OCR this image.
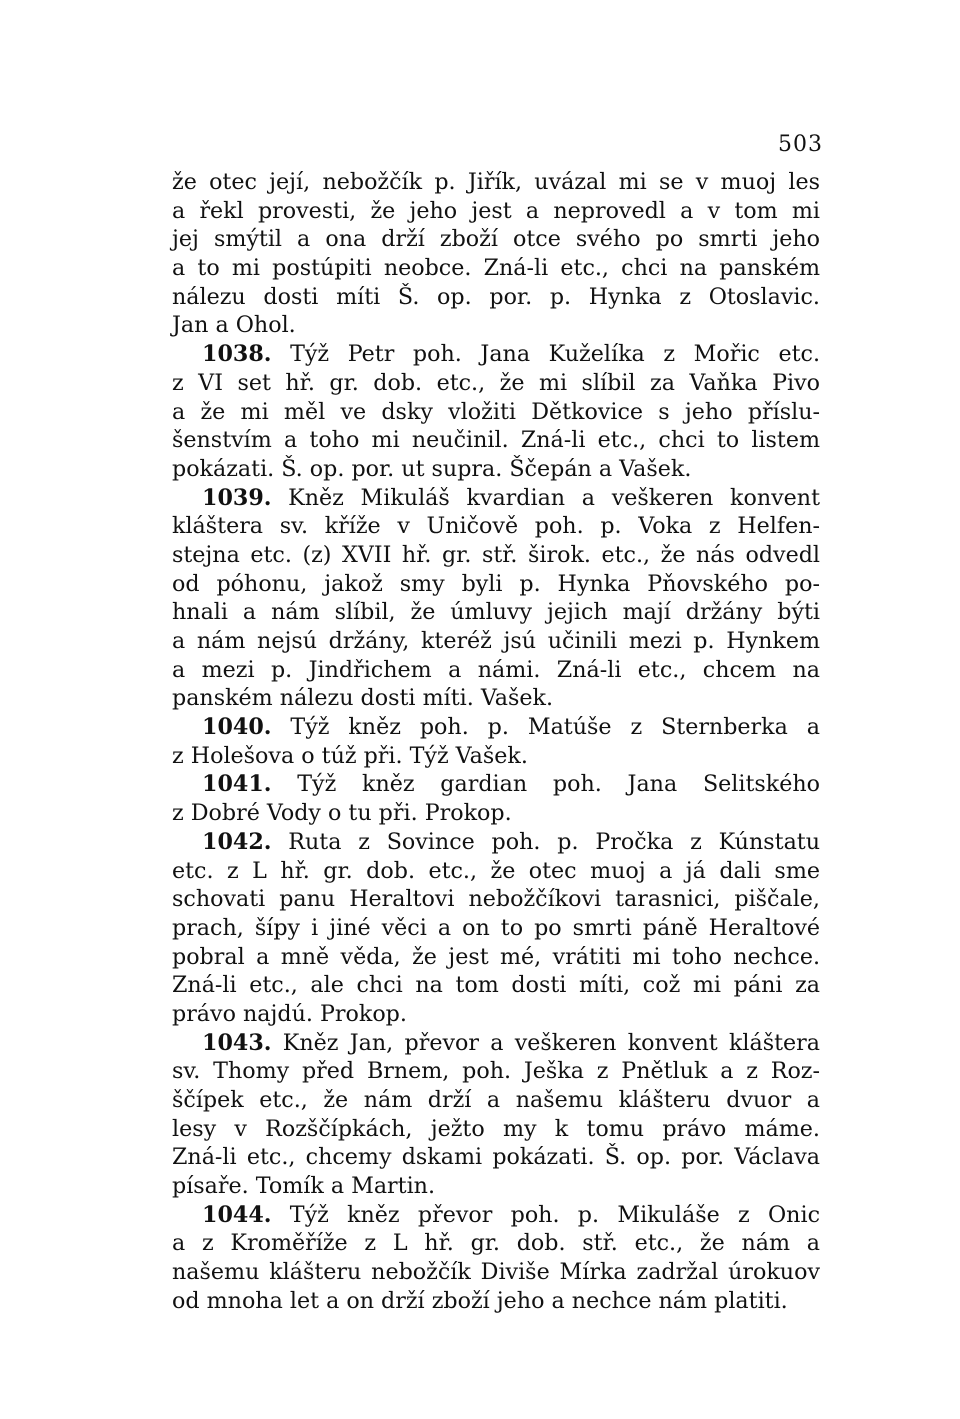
503
že otec její, nebožčík p. Jiřík, uvázal mi se v muoj les
a řekl provesti, že jeho jest a neprovedl a v tom mi
jej smýtil a ona drží zboží otce svého po smrti jeho
a to mi postúpiti neobce. Zná-li etc., chci na panském
nálezu dosti míti Š. op. por. p. Hynka z Otoslavic.
Jan a Ohol.
1038. Týž Petr poh. Jana Kuželíka z Mořic etc.
z VI set hř. gr. dob. etc., že mi slíbil za Vaňka Pivo
a že mi měl ve dsky vložiti Dětkovice s jeho příslu-
šenstvím a toho mi neučinil. Zná-li etc., chci to listem
pokázati. Š. op. por. ut supra. Ščepán a Vašek.
1039. Kněz Mikuláš kvardian a veškeren konvent
kláštera sv. kříže v Uničově poh. p. Voka z Helfen-
stejna etc. (z) XVII hř. gr. stř. širok. etc., že nás odvedl
od póhonu, jakož smy byli p. Hynka Pňovského po-
hnali a nám slíbil, že úmluvy jejich mají držány býti
a nám nejsú držány, kteréž jsú učinili mezi p. Hynkem
a mezi p. Jindřichem a námi. Zná-li etc., chcem na
panském nálezu dosti míti. Vašek.
1040. Týž kněz poh. p. Matúše z Sternberka a
z Holešova o túž při. Týž Vašek.
1041. Týž kněz gardian poh. Jana Selitského
z Dobré Vody o tu při. Prokop.
1042. Ruta z Sovince poh. p. Pročka z Kúnstatu
etc. z L hř. gr. dob. etc., že otec muoj a já dali sme
schovati panu Heraltovi nebožčíkovi tarasnici, piščale,
prach, šípy i jiné věci a on to po smrti páně Heraltové
pobral a mně věda, že jest mé, vrátiti mi toho nechce.
Zná-li etc., ale chci na tom dosti míti, což mi páni za
právo najdú. Prokop.
1043. Kněz Jan, převor a veškeren konvent kláštera
sv. Thomy před Brnem, poh. Ješka z Pnětluk a z Roz-
ščípek etc., že nám drží a našemu klášteru dvuor a
lesy v Rozščípkách, ježto my k tomu právo máme.
Zná-li etc., chcemy dskami pokázati. Š. op. por. Václava
písaře. Tomík a Martin.
1044. Týž kněz převor poh. p. Mikuláše z Onic
a z Kroměříže z L hř. gr. dob. stř. etc., že nám a
našemu klášteru nebožčík Diviše Mírka zadržal úrokuov
od mnoha let a on drží zboží jeho a nechce nám platiti.
